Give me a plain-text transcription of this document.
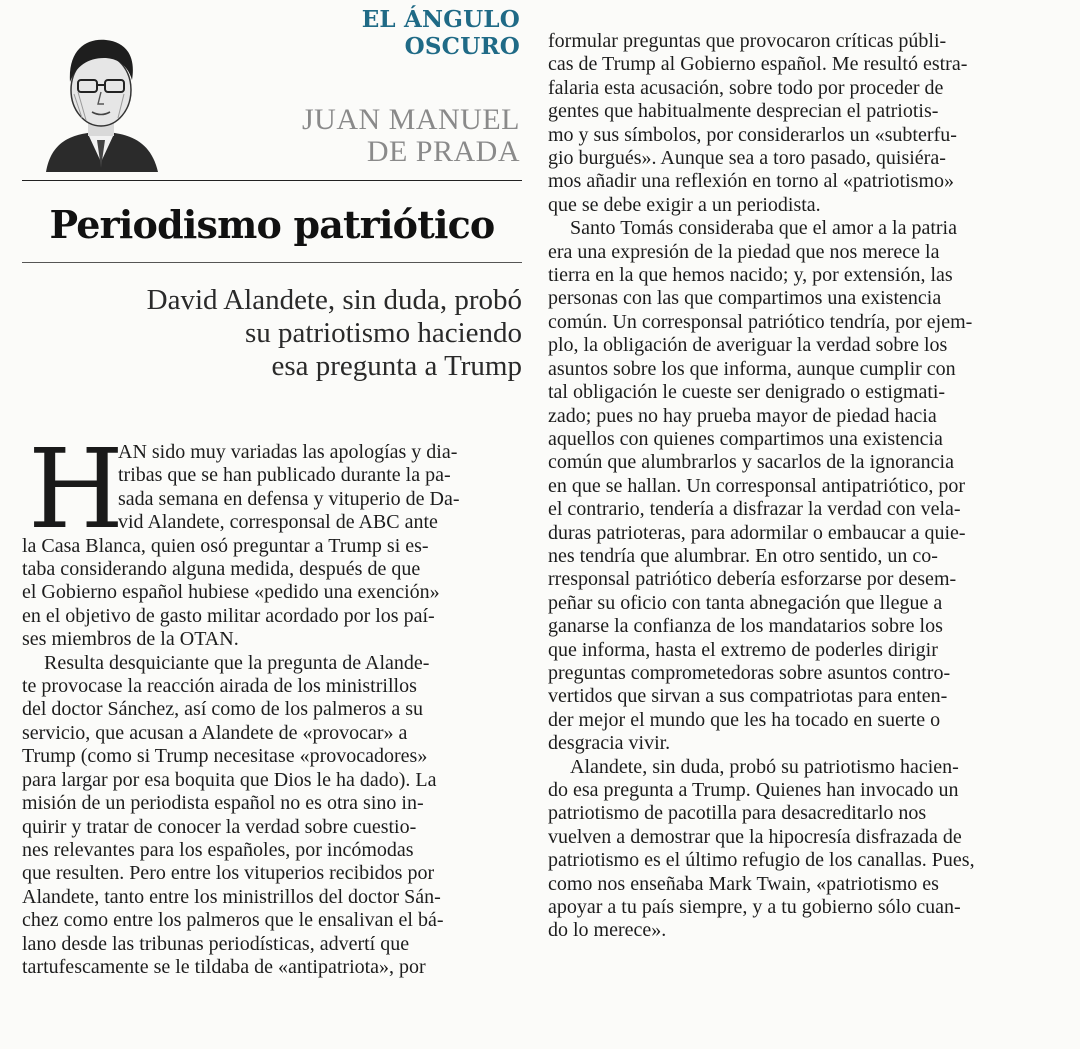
EL ÁNGULO OSCURO
JUAN MANUEL
DE PRADA
Periodismo patriótico
David Alandete, sin duda, probó
su patriotismo haciendo
esa pregunta a Trump
H
AN sido muy variadas las apologías y dia-
tribas que se han publicado durante la pa-
sada semana en defensa y vituperio de Da-
vid Alandete, corresponsal de ABC ante
la Casa Blanca, quien osó preguntar a Trump si es-
taba considerando alguna medida, después de que
el Gobierno español hubiese «pedido una exención»
en el objetivo de gasto militar acordado por los paí-
ses miembros de la OTAN.
Resulta desquiciante que la pregunta de Alande-
te provocase la reacción airada de los ministrillos
del doctor Sánchez, así como de los palmeros a su
servicio, que acusan a Alandete de «provocar» a
Trump (como si Trump necesitase «provocadores»
para largar por esa boquita que Dios le ha dado). La
misión de un periodista español no es otra sino in-
quirir y tratar de conocer la verdad sobre cuestio-
nes relevantes para los españoles, por incómodas
que resulten. Pero entre los vituperios recibidos por
Alandete, tanto entre los ministrillos del doctor Sán-
chez como entre los palmeros que le ensalivan el bá-
lano desde las tribunas periodísticas, advertí que
tartufescamente se le tildaba de «antipatriota», por
formular preguntas que provocaron críticas públi-
cas de Trump al Gobierno español. Me resultó estra-
falaria esta acusación, sobre todo por proceder de
gentes que habitualmente desprecian el patriotis-
mo y sus símbolos, por considerarlos un «subterfu-
gio burgués». Aunque sea a toro pasado, quisiéra-
mos añadir una reflexión en torno al «patriotismo»
que se debe exigir a un periodista.
Santo Tomás consideraba que el amor a la patria
era una expresión de la piedad que nos merece la
tierra en la que hemos nacido; y, por extensión, las
personas con las que compartimos una existencia
común. Un corresponsal patriótico tendría, por ejem-
plo, la obligación de averiguar la verdad sobre los
asuntos sobre los que informa, aunque cumplir con
tal obligación le cueste ser denigrado o estigmati-
zado; pues no hay prueba mayor de piedad hacia
aquellos con quienes compartimos una existencia
común que alumbrarlos y sacarlos de la ignorancia
en que se hallan. Un corresponsal antipatriótico, por
el contrario, tendería a disfrazar la verdad con vela-
duras patrioteras, para adormilar o embaucar a quie-
nes tendría que alumbrar. En otro sentido, un co-
rresponsal patriótico debería esforzarse por desem-
peñar su oficio con tanta abnegación que llegue a
ganarse la confianza de los mandatarios sobre los
que informa, hasta el extremo de poderles dirigir
preguntas comprometedoras sobre asuntos contro-
vertidos que sirvan a sus compatriotas para enten-
der mejor el mundo que les ha tocado en suerte o
desgracia vivir.
Alandete, sin duda, probó su patriotismo hacien-
do esa pregunta a Trump. Quienes han invocado un
patriotismo de pacotilla para desacreditarlo nos
vuelven a demostrar que la hipocresía disfrazada de
patriotismo es el último refugio de los canallas. Pues,
como nos enseñaba Mark Twain, «patriotismo es
apoyar a tu país siempre, y a tu gobierno sólo cuan-
do lo merece».
